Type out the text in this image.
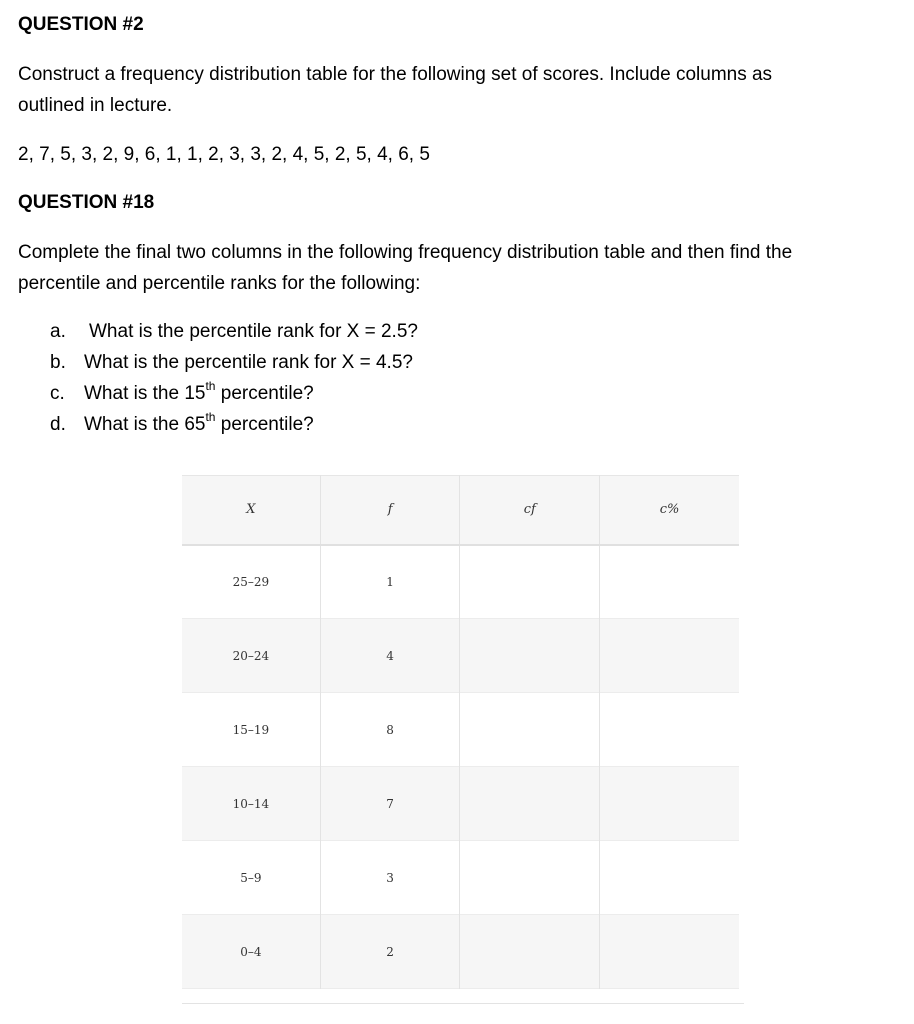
QUESTION #2
Construct a frequency distribution table for the following set of scores. Include columns as
outlined in lecture.
2, 7, 5, 3, 2, 9, 6, 1, 1, 2, 3, 3, 2, 4, 5, 2, 5, 4, 6, 5
QUESTION #18
Complete the final two columns in the following frequency distribution table and then find the
percentile and percentile ranks for the following:
a.	What is the percentile rank for X = 2.5?
b. What is the percentile rank for X = 4.5?
c.	What is the 15th percentile?
d. What is the 65th percentile?
X	f	cf	c%
25–29	1		
20–24	4		
15–19	8		
10–14	7		
5–9	3		
0–4	2		
